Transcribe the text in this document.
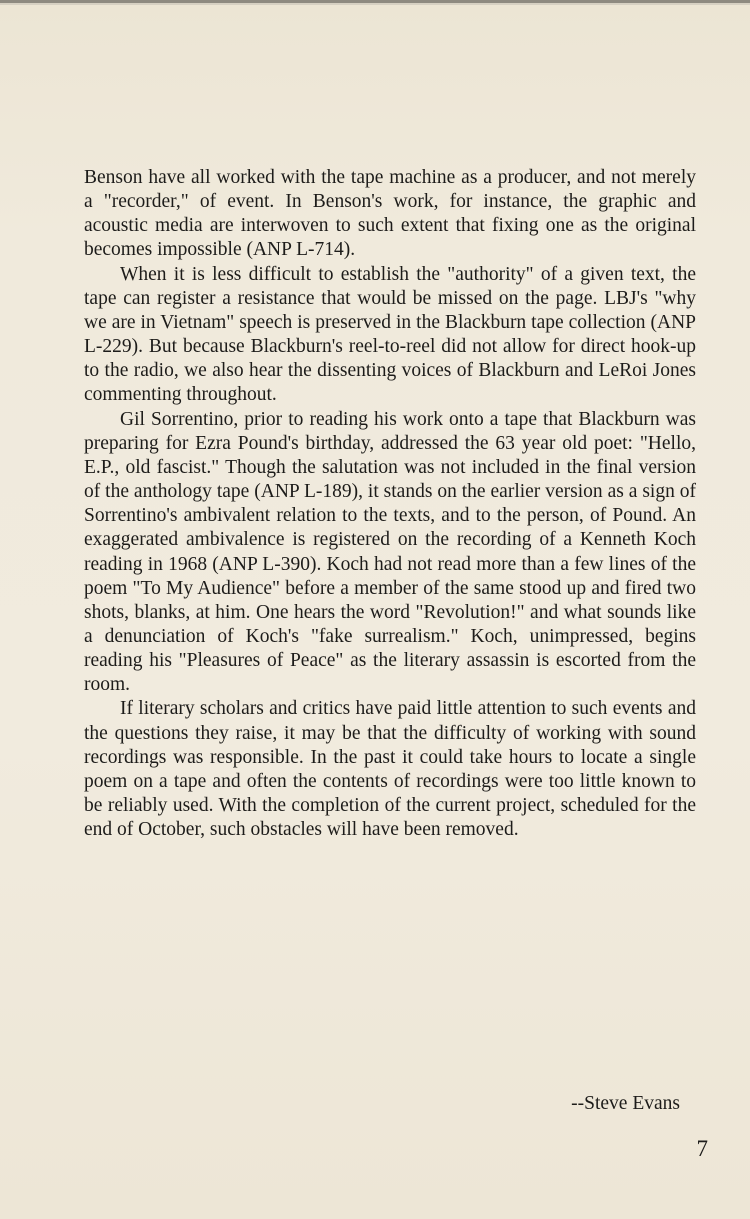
Benson have all worked with the tape machine as a producer, and not merely a "recorder," of event. In Benson's work, for instance, the graphic and acoustic media are interwoven to such extent that fixing one as the original becomes impossible (ANP L-714).

When it is less difficult to establish the "authority" of a given text, the tape can register a resistance that would be missed on the page. LBJ's "why we are in Vietnam" speech is preserved in the Blackburn tape collection (ANP L-229). But because Blackburn's reel-to-reel did not allow for direct hook-up to the radio, we also hear the dissenting voices of Blackburn and LeRoi Jones commenting throughout.

Gil Sorrentino, prior to reading his work onto a tape that Blackburn was preparing for Ezra Pound's birthday, addressed the 63 year old poet: "Hello, E.P., old fascist." Though the salutation was not included in the final version of the anthology tape (ANP L-189), it stands on the earlier version as a sign of Sorrentino's ambivalent relation to the texts, and to the person, of Pound. An exaggerated ambivalence is registered on the recording of a Kenneth Koch reading in 1968 (ANP L-390). Koch had not read more than a few lines of the poem "To My Audience" before a member of the same stood up and fired two shots, blanks, at him. One hears the word "Revolution!" and what sounds like a denunciation of Koch's "fake surrealism." Koch, unimpressed, begins reading his "Pleasures of Peace" as the literary assassin is escorted from the room.

If literary scholars and critics have paid little attention to such events and the questions they raise, it may be that the difficulty of working with sound recordings was responsible. In the past it could take hours to locate a single poem on a tape and often the contents of recordings were too little known to be reliably used. With the completion of the current project, scheduled for the end of October, such obstacles will have been removed.

--Steve Evans
7
